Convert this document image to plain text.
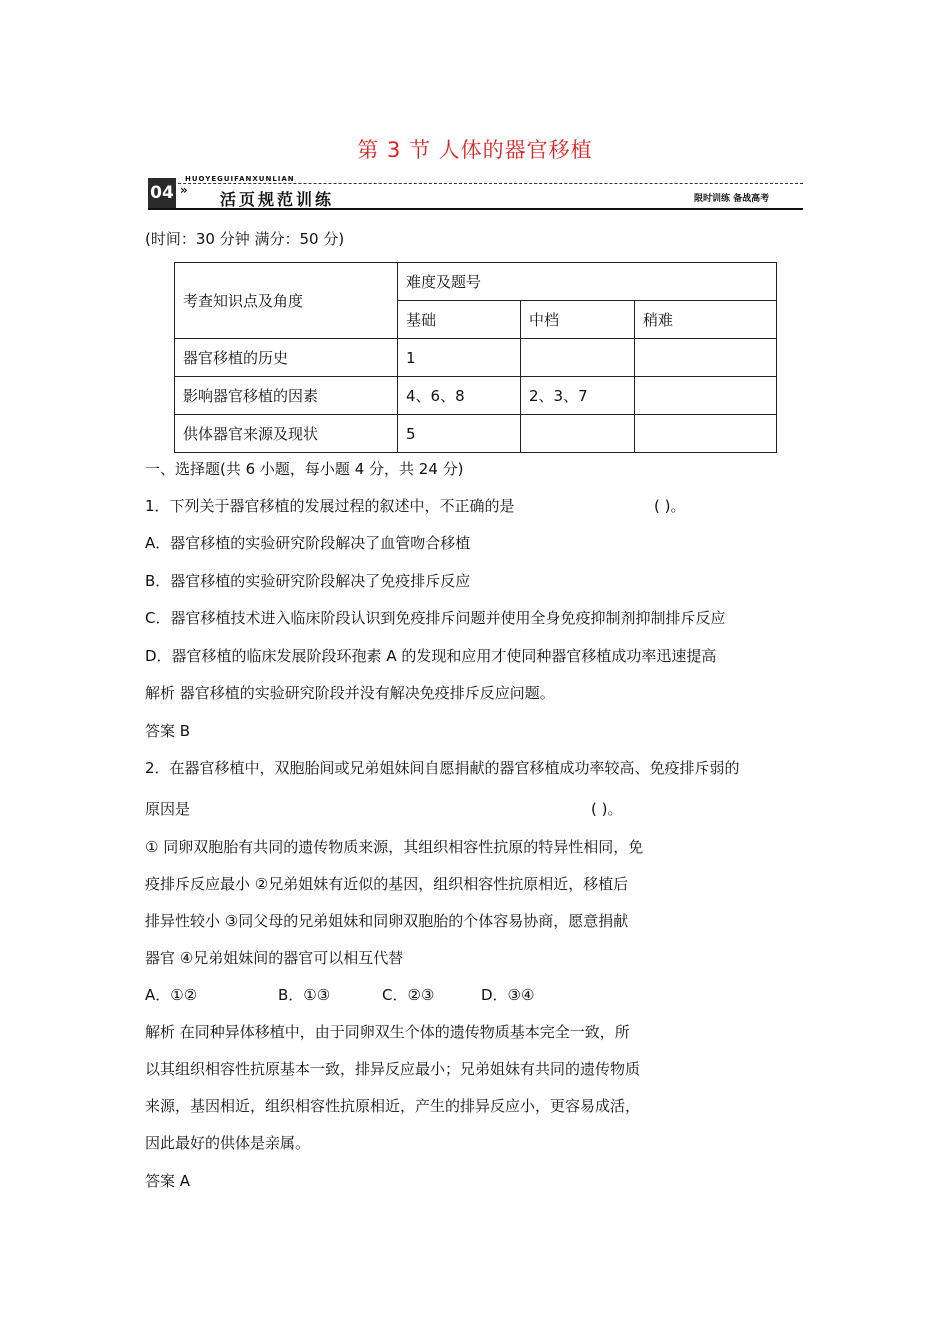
第 3 节 人体的器官移植
04 »
HUOYEGUIFANXUNLIAN
活页规范训练	限时训练 备战高考
(时间：30 分钟 满分：50 分)
考查知识点及角度	难度及题号		
	基础	中档	稍难
器官移植的历史	1		
影响器官移植的因素	4、6、8	2、3、7	
供体器官来源及现状	5		
一、选择题(共 6 小题，每小题 4 分，共 24 分)
1．下列关于器官移植的发展过程的叙述中，不正确的是	( )。
A．器官移植的实验研究阶段解决了血管吻合移植
B．器官移植的实验研究阶段解决了免疫排斥反应
C．器官移植技术进入临床阶段认识到免疫排斥问题并使用全身免疫抑制剂抑制排斥反应
D．器官移植的临床发展阶段环孢素 A 的发现和应用才使同种器官移植成功率迅速提高
解析 器官移植的实验研究阶段并没有解决免疫排斥反应问题。
答案 B
2．在器官移植中，双胞胎间或兄弟姐妹间自愿捐献的器官移植成功率较高、免疫排斥弱的
原因是	( )。
① 同卵双胞胎有共同的遗传物质来源，其组织相容性抗原的特异性相同，免
疫排斥反应最小 ②兄弟姐妹有近似的基因，组织相容性抗原相近，移植后
排异性较小 ③同父母的兄弟姐妹和同卵双胞胎的个体容易协商，愿意捐献
器官 ④兄弟姐妹间的器官可以相互代替
A．①②	B．①③	C．②③	D．③④
解析 在同种异体移植中，由于同卵双生个体的遗传物质基本完全一致，所
以其组织相容性抗原基本一致，排异反应最小；兄弟姐妹有共同的遗传物质
来源，基因相近，组织相容性抗原相近，产生的排异反应小，更容易成活，
因此最好的供体是亲属。
答案 A
